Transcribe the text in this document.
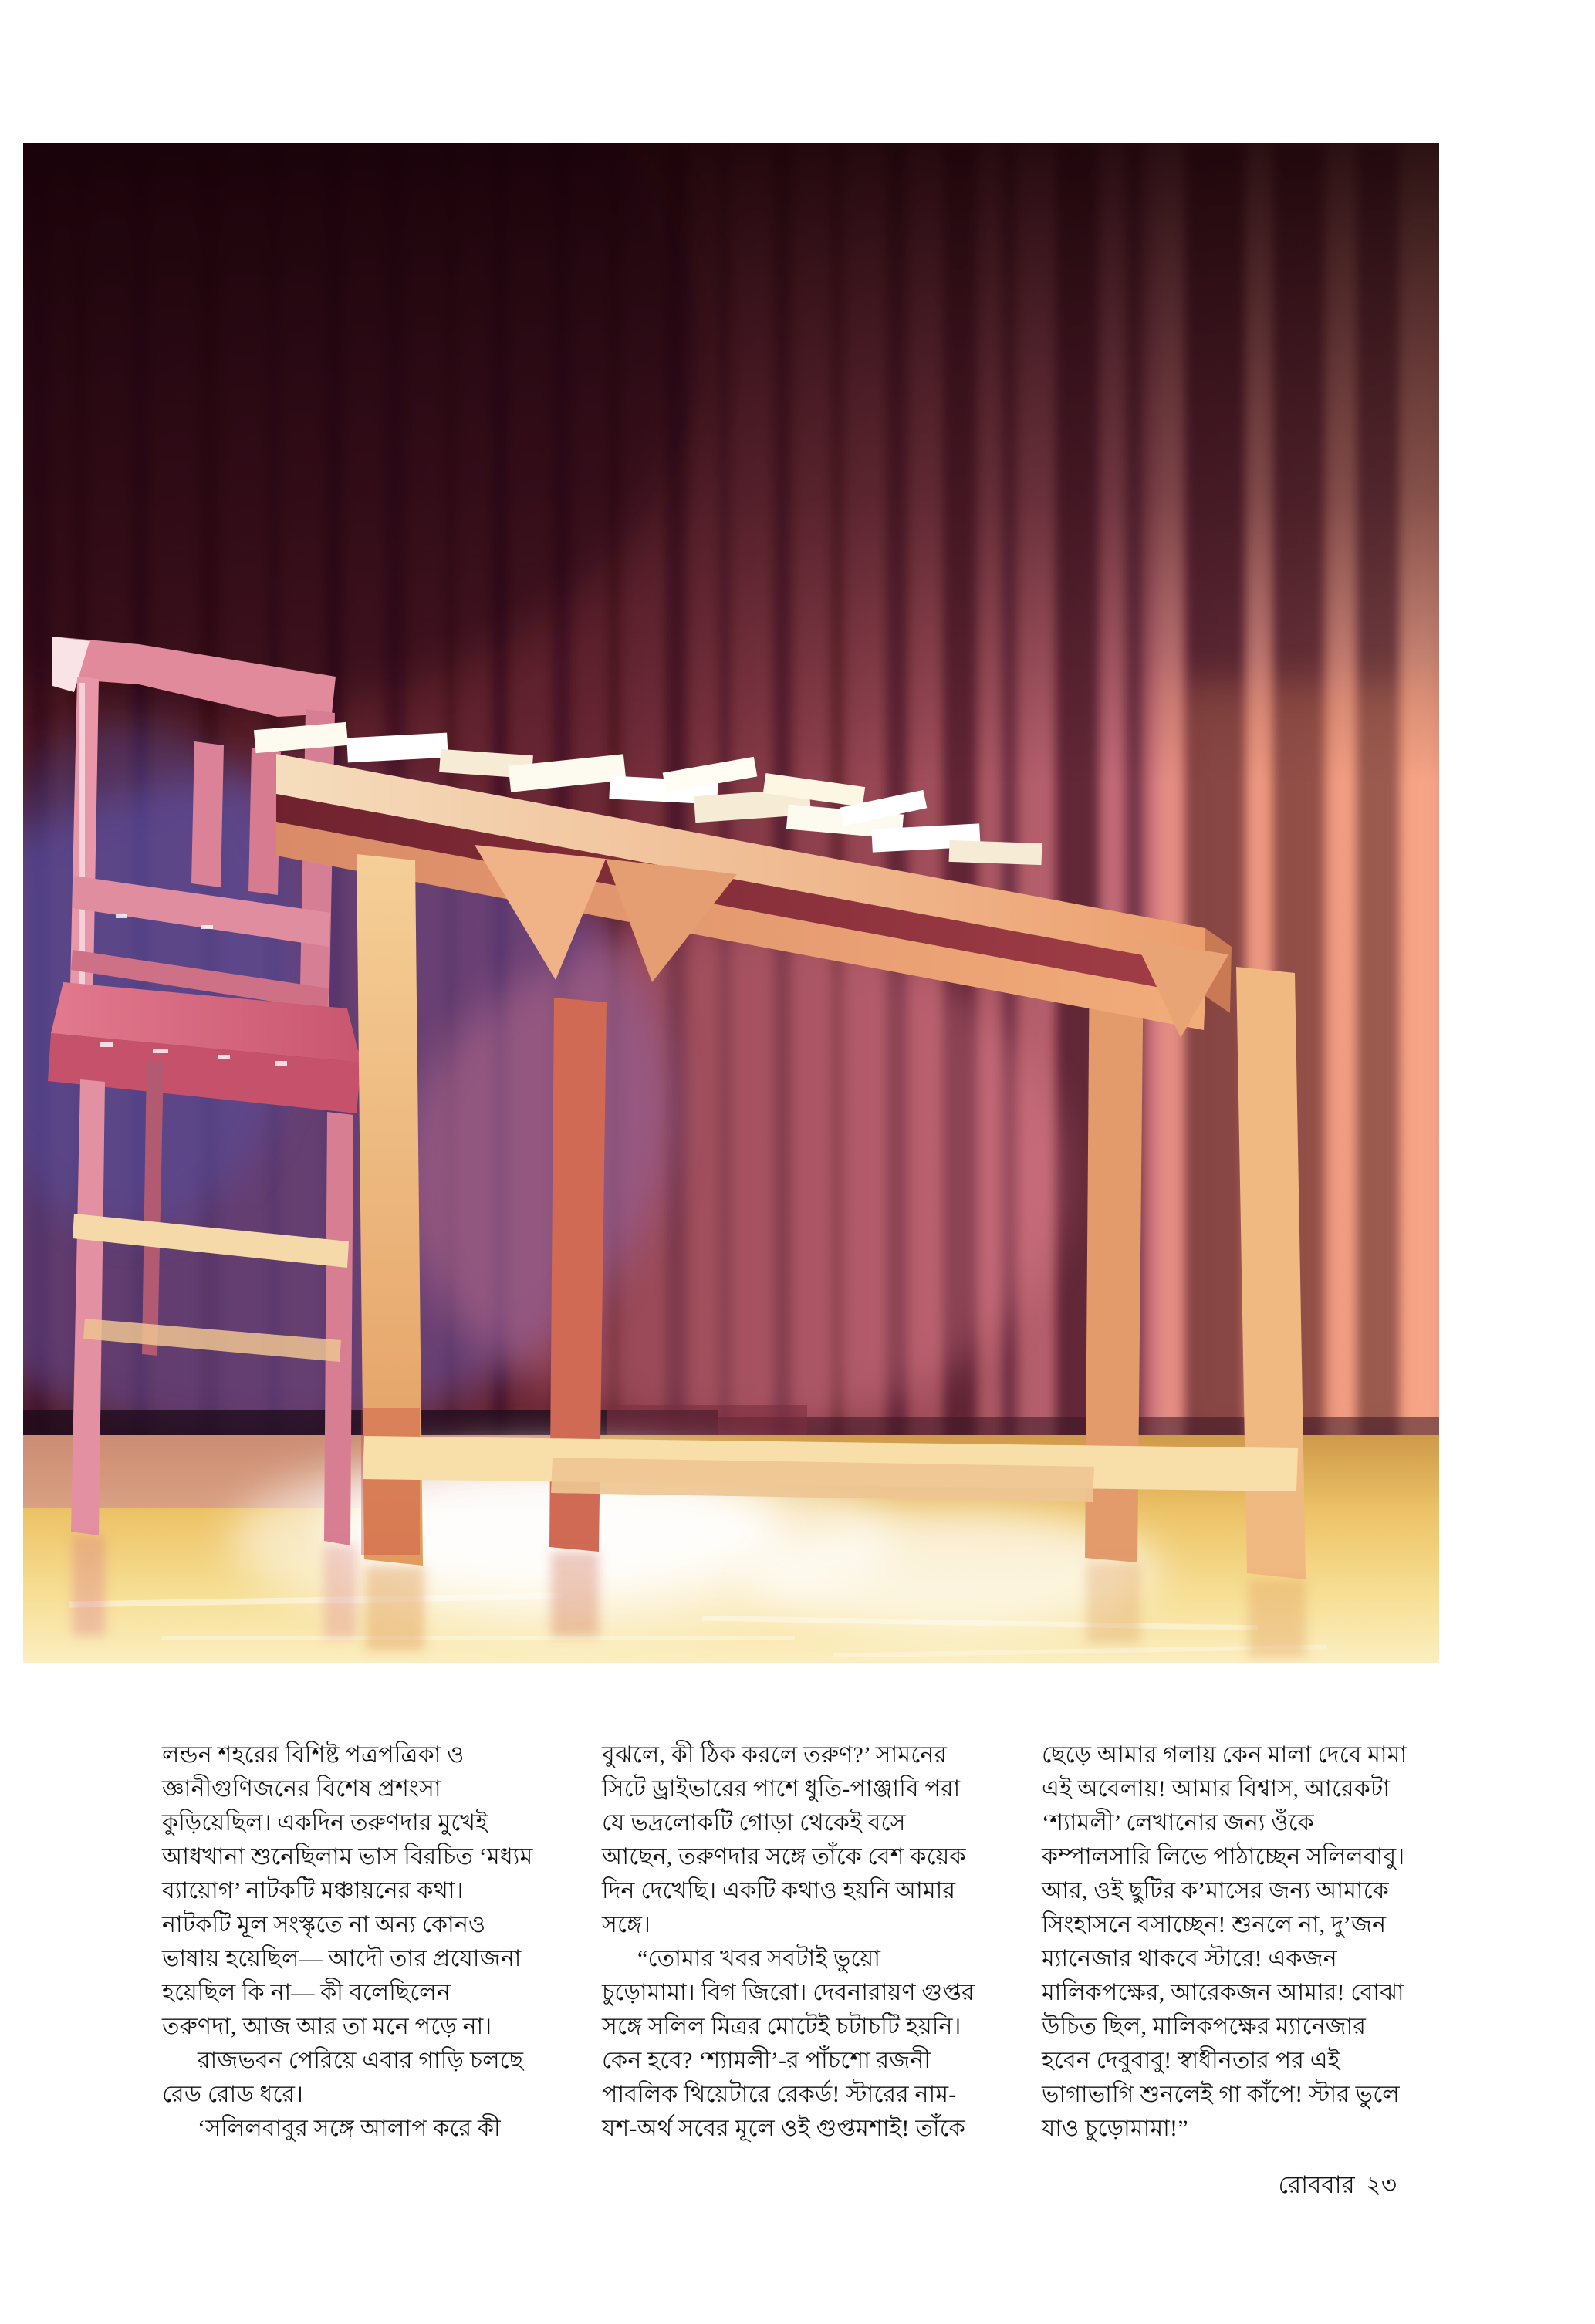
লন্ডন শহরের বিশিষ্ট পত্রপত্রিকা ও
জ্ঞানীগুণিজনের বিশেষ প্রশংসা
কুড়িয়েছিল। একদিন তরুণদার মুখেই
আধখানা শুনেছিলাম ভাস বিরচিত ‘মধ্যম
ব্যায়োগ’ নাটকটি মঞ্চায়নের কথা।
নাটকটি মূল সংস্কৃতে না অন্য কোনও
ভাষায় হয়েছিল— আদৌ তার প্রযোজনা
হয়েছিল কি না— কী বলেছিলেন
তরুণদা, আজ আর তা মনে পড়ে না।
রাজভবন পেরিয়ে এবার গাড়ি চলছে
রেড রোড ধরে।
‘সলিলবাবুর সঙ্গে আলাপ করে কী
বুঝলে, কী ঠিক করলে তরুণ?’ সামনের
সিটে ড্রাইভারের পাশে ধুতি-পাঞ্জাবি পরা
যে ভদ্রলোকটি গোড়া থেকেই বসে
আছেন, তরুণদার সঙ্গে তাঁকে বেশ কয়েক
দিন দেখেছি। একটি কথাও হয়নি আমার
সঙ্গে।
“তোমার খবর সবটাই ভুয়ো
চুড়োমামা। বিগ জিরো। দেবনারায়ণ গুপ্তর
সঙ্গে সলিল মিত্রর মোটেই চটাচটি হয়নি।
কেন হবে? ‘শ্যামলী’-র পাঁচশো রজনী
পাবলিক থিয়েটারে রেকর্ড! স্টারের নাম-
যশ-অর্থ সবের মূলে ওই গুপ্তমশাই! তাঁকে
ছেড়ে আমার গলায় কেন মালা দেবে মামা
এই অবেলায়! আমার বিশ্বাস, আরেকটা
‘শ্যামলী’ লেখানোর জন্য ওঁকে
কম্পালসারি লিভে পাঠাচ্ছেন সলিলবাবু।
আর, ওই ছুটির ক’মাসের জন্য আমাকে
সিংহাসনে বসাচ্ছেন! শুনলে না, দু’জন
ম্যানেজার থাকবে স্টারে! একজন
মালিকপক্ষের, আরেকজন আমার! বোঝা
উচিত ছিল, মালিকপক্ষের ম্যানেজার
হবেন দেবুবাবু! স্বাধীনতার পর এই
ভাগাভাগি শুনলেই গা কাঁপে! স্টার ভুলে
যাও চুড়োমামা!”
রোববার ২৩
